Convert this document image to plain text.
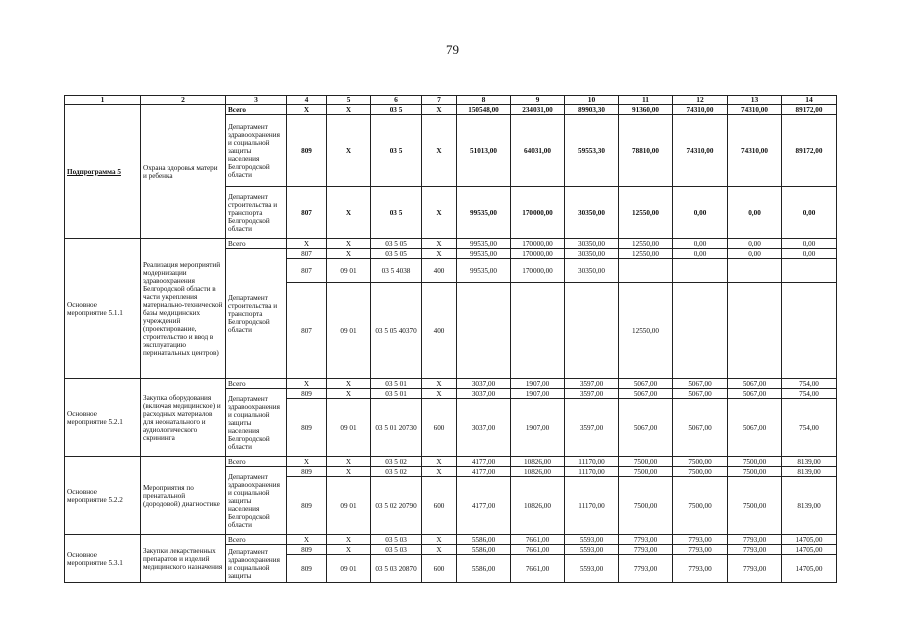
79
1	2	3	4	5	6	7	8	9	10	11	12	13	14
Подпрограмма 5	Охрана здоровья матери и ребенка	Всего	X	X	03 5	X	150548,00	234031,00	89903,30	91360,00	74310,00	74310,00	89172,00
		Департамент здравоохранения и социальной защиты населения Белгородской области	809	X	03 5	X	51013,00	64031,00	59553,30	78810,00	74310,00	74310,00	89172,00
		Департамент строительства и транспорта Белгородской области	807	X	03 5	X	99535,00	170000,00	30350,00	12550,00	0,00	0,00	0,00
Основное мероприятие 5.1.1	Реализация мероприятий модернизации здравоохранения Белгородской области в части укрепления материально-технической базы медицинских учреждений (проектирование, строительство и ввод в эксплуатацию перинатальных центров)	Всего	X	X	03 5 05	X	99535,00	170000,00	30350,00	12550,00	0,00	0,00	0,00
		Департамент строительства и транспорта Белгородской области	807	X	03 5 05	X	99535,00	170000,00	30350,00	12550,00	0,00	0,00	0,00
			807	09 01	03 5 4038	400	99535,00	170000,00	30350,00				
			807	09 01	03 5 05 40370	400				12550,00			
Основное мероприятие 5.2.1	Закупка оборудования (включая медицинское) и расходных материалов для неонатального и аудиологического скрининга	Всего	X	X	03 5 01	X	3037,00	1907,00	3597,00	5067,00	5067,00	5067,00	754,00
		Департамент здравоохранения и социальной защиты населения Белгородской области	809	X	03 5 01	X	3037,00	1907,00	3597,00	5067,00	5067,00	5067,00	754,00
			809	09 01	03 5 01 20730	600	3037,00	1907,00	3597,00	5067,00	5067,00	5067,00	754,00
Основное мероприятие 5.2.2	Мероприятия по пренатальной (дородовой) диагностике	Всего	X	X	03 5 02	X	4177,00	10826,00	11170,00	7500,00	7500,00	7500,00	8139,00
		Департамент здравоохранения и социальной защиты населения Белгородской области	809	X	03 5 02	X	4177,00	10826,00	11170,00	7500,00	7500,00	7500,00	8139,00
			809	09 01	03 5 02 20790	600	4177,00	10826,00	11170,00	7500,00	7500,00	7500,00	8139,00
Основное мероприятие 5.3.1	Закупки лекарственных препаратов и изделий медицинского назначения	Всего	X	X	03 5 03	X	5586,00	7661,00	5593,00	7793,00	7793,00	7793,00	14705,00
		Департамент здравоохранения и социальной защиты	809	X	03 5 03	X	5586,00	7661,00	5593,00	7793,00	7793,00	7793,00	14705,00
			809	09 01	03 5 03 20870	600	5586,00	7661,00	5593,00	7793,00	7793,00	7793,00	14705,00
